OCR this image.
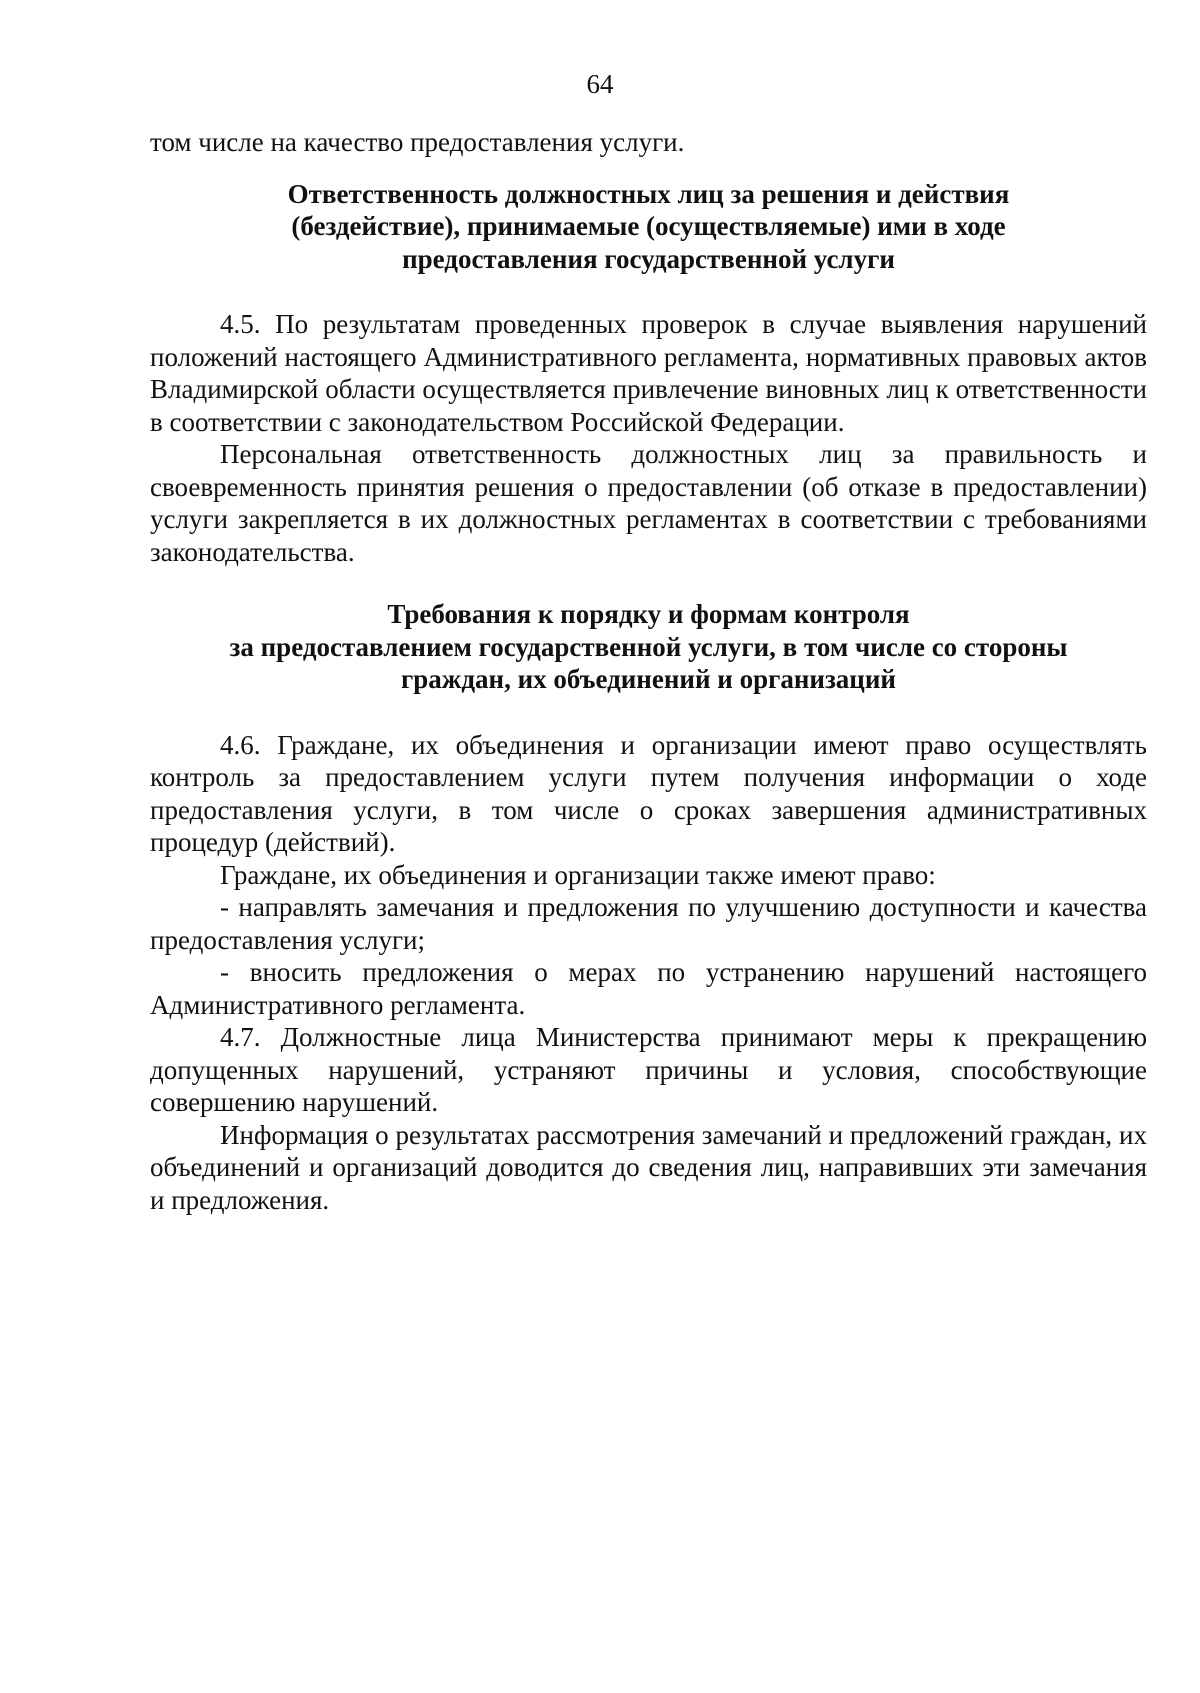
64

том числе на качество предоставления услуги.

Ответственность должностных лиц за решения и действия
(бездействие), принимаемые (осуществляемые) ими в ходе
предоставления государственной услуги

4.5. По результатам проведенных проверок в случае выявления нарушений положений настоящего Административного регламента, нормативных правовых актов Владимирской области осуществляется привлечение виновных лиц к ответственности в соответствии с законодательством Российской Федерации.

Персональная ответственность должностных лиц за правильность и своевременность принятия решения о предоставлении (об отказе в предоставлении) услуги закрепляется в их должностных регламентах в соответствии с требованиями законодательства.

Требования к порядку и формам контроля
за предоставлением государственной услуги, в том числе со стороны
граждан, их объединений и организаций

4.6. Граждане, их объединения и организации имеют право осуществлять контроль за предоставлением услуги путем получения информации о ходе предоставления услуги, в том числе о сроках завершения административных процедур (действий).

Граждане, их объединения и организации также имеют право:

- направлять замечания и предложения по улучшению доступности и качества предоставления услуги;

- вносить предложения о мерах по устранению нарушений настоящего Административного регламента.

4.7. Должностные лица Министерства принимают меры к прекращению допущенных нарушений, устраняют причины и условия, способствующие совершению нарушений.

Информация о результатах рассмотрения замечаний и предложений граждан, их объединений и организаций доводится до сведения лиц, направивших эти замечания и предложения.
